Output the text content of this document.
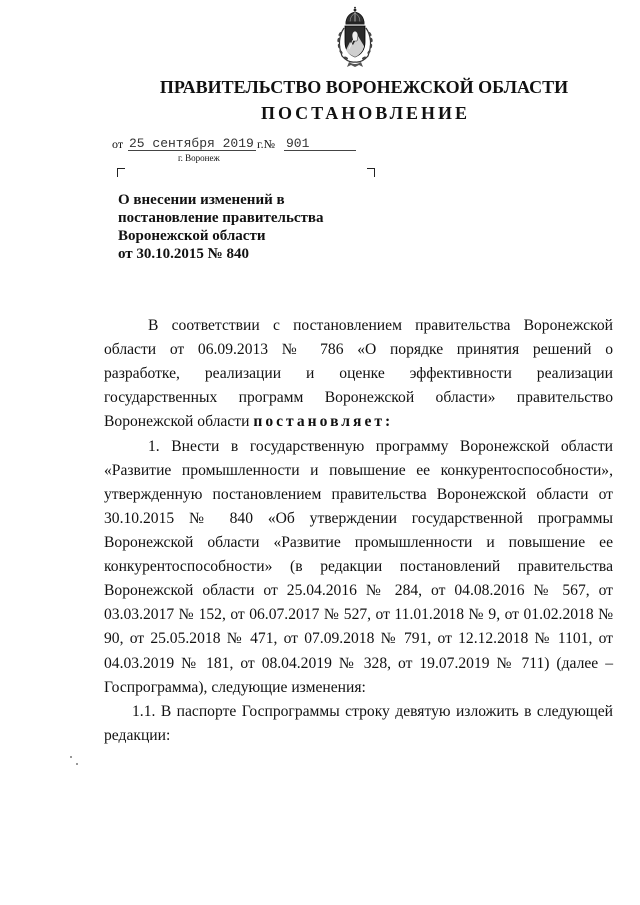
ПРАВИТЕЛЬСТВО ВОРОНЕЖСКОЙ ОБЛАСТИ
ПОСТАНОВЛЕНИЕ
от 25 сентября 2019 г.№ 901
г. Воронеж
О внесении изменений в
постановление правительства
Воронежской области
от 30.10.2015 № 840
В соответствии с постановлением правительства Воронежской
области от 06.09.2013 № 786 «О порядке принятия решений о
разработке, реализации и оценке эффективности реализации
государственных программ Воронежской области» правительство
Воронежской области постановляет:
1. Внести в государственную программу Воронежской области
«Развитие промышленности и повышение ее конкурентоспособности»,
утвержденную постановлением правительства Воронежской области от
30.10.2015 № 840 «Об утверждении государственной программы
Воронежской области «Развитие промышленности и повышение ее
конкурентоспособности» (в редакции постановлений правительства
Воронежской области от 25.04.2016 № 284, от 04.08.2016 № 567, от
03.03.2017 № 152, от 06.07.2017 № 527, от 11.01.2018 № 9, от 01.02.2018 №
90, от 25.05.2018 № 471, от 07.09.2018 № 791, от 12.12.2018 № 1101, от
04.03.2019 № 181, от 08.04.2019 № 328, от 19.07.2019 № 711) (далее –
Госпрограмма), следующие изменения:
1.1. В паспорте Госпрограммы строку девятую изложить в следующей
редакции:
